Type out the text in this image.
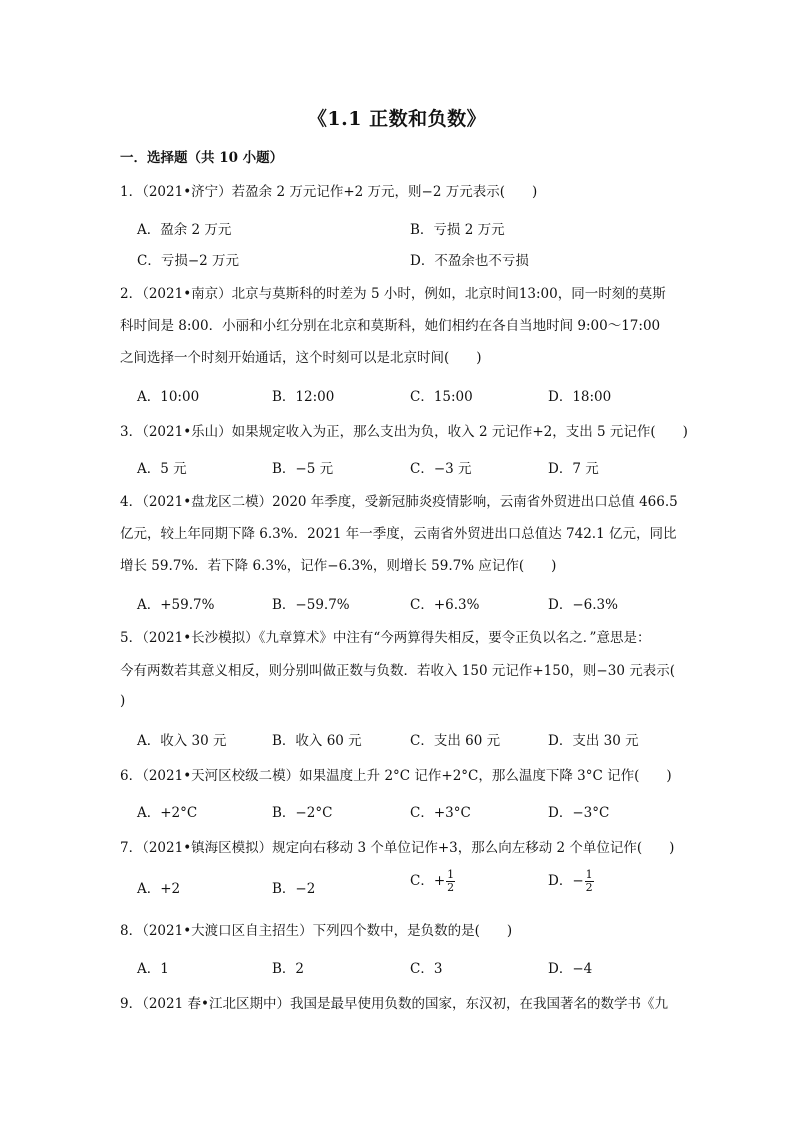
《1.1 正数和负数》
一．选择题（共 10 小题）
1．（2021•济宁）若盈余 2 万元记作+2 万元，则−2 万元表示(　　)
A．盈余 2 万元	B．亏损 2 万元
C．亏损−2 万元	D．不盈余也不亏损
2．（2021•南京）北京与莫斯科的时差为 5 小时，例如，北京时间13:00，同一时刻的莫斯
科时间是 8:00．小丽和小红分别在北京和莫斯科，她们相约在各自当地时间 9:00～17:00
之间选择一个时刻开始通话，这个时刻可以是北京时间(　　)
A．10:00	B．12:00	C．15:00	D．18:00
3．（2021•乐山）如果规定收入为正，那么支出为负，收入 2 元记作+2，支出 5 元记作(　　)
A．5 元	B．−5 元	C．−3 元	D．7 元
4．（2021•盘龙区二模）2020 年季度，受新冠肺炎疫情影响，云南省外贸进出口总值 466.5
亿元，较上年同期下降 6.3%．2021 年一季度，云南省外贸进出口总值达 742.1 亿元，同比
增长 59.7%．若下降 6.3%，记作−6.3%，则增长 59.7% 应记作(　　)
A．+59.7%	B．−59.7%	C．+6.3%	D．−6.3%
5．（2021•长沙模拟）《九章算术》中注有“今两算得失相反，要令正负以名之．”意思是：
今有两数若其意义相反，则分别叫做正数与负数．若收入 150 元记作+150，则−30 元表示(
)
A．收入 30 元	B．收入 60 元	C．支出 60 元	D．支出 30 元
6．（2021•天河区校级二模）如果温度上升 2°C 记作+2°C，那么温度下降 3°C 记作(　　)
A．+2°C	B．−2°C	C．+3°C	D．−3°C
7．（2021•镇海区模拟）规定向右移动 3 个单位记作+3，那么向左移动 2 个单位记作(　　)
A．+2	B．−2	C．+ $\frac{1}{2}$	D．− $\frac{1}{2}$
8．（2021•大渡口区自主招生）下列四个数中，是负数的是(　　)
A．1	B．2	C．3	D．−4
9．（2021 春•江北区期中）我国是最早使用负数的国家，东汉初，在我国著名的数学书《九
